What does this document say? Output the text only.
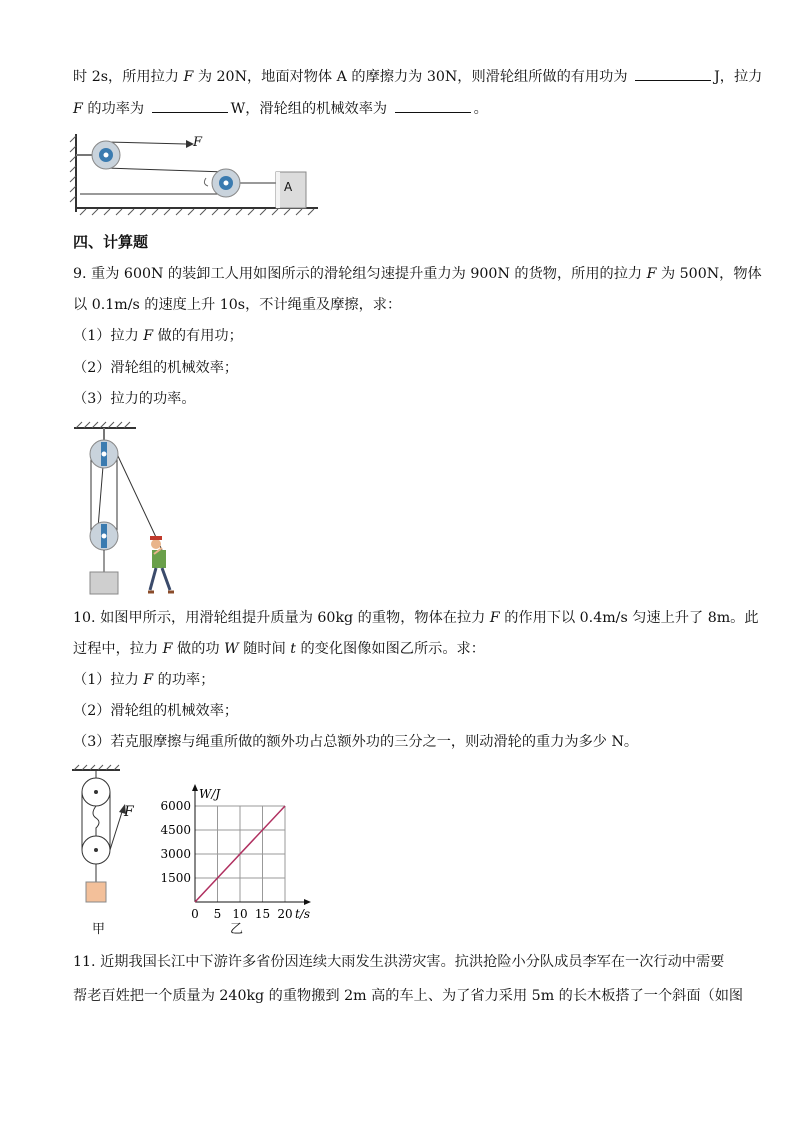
时 2s，所用拉力 F 为 20N，地面对物体 A 的摩擦力为 30N，则滑轮组所做的有用功为	J，拉力
F 的功率为	W，滑轮组的机械效率为	。
F
A
四、计算题
9. 重为 600N 的装卸工人用如图所示的滑轮组匀速提升重力为 900N 的货物，所用的拉力 F 为 500N，物体
以 0.1m/s 的速度上升 10s，不计绳重及摩擦，求：
（1）拉力 F 做的有用功；
（2）滑轮组的机械效率；
（3）拉力的功率。
10. 如图甲所示，用滑轮组提升质量为 60kg 的重物，物体在拉力 F 的作用下以 0.4m/s 匀速上升了 8m。此
过程中，拉力 F 做的功 W 随时间 t 的变化图像如图乙所示。求：
（1）拉力 F 的功率；
（2）滑轮组的机械效率；
（3）若克服摩擦与绳重所做的额外功占总额外功的三分之一，则动滑轮的重力为多少 N。
F
甲
0 5 10 15 20
1500
3000
4500
6000
W/J
t/s
乙
11. 近期我国长江中下游许多省份因连续大雨发生洪涝灾害。抗洪抢险小分队成员李军在一次行动中需要
帮老百姓把一个质量为 240kg 的重物搬到 2m 高的车上、为了省力采用 5m 的长木板搭了一个斜面（如图
